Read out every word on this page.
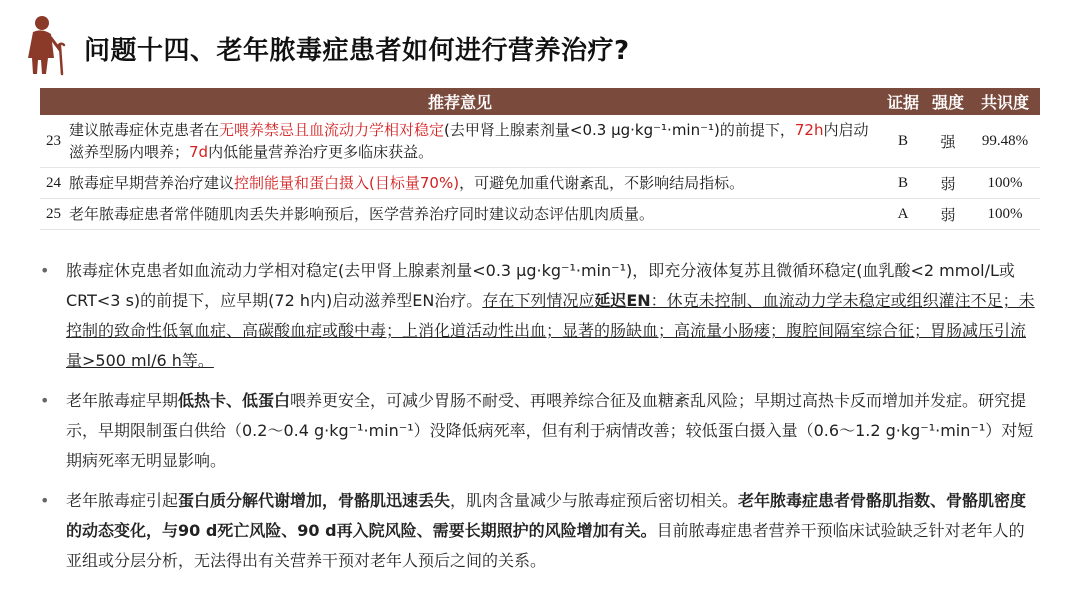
问题十四、老年脓毒症患者如何进行营养治疗?
推荐意见		证据	强度	共识度
23	建议脓毒症休克患者在无喂养禁忌且血流动力学相对稳定(去甲肾上腺素剂量<0.3 μg·kg⁻¹·min⁻¹)的前提下，72h内启动滋养型肠内喂养；7d内低能量营养治疗更多临床获益。	B	强	99.48%
24	脓毒症早期营养治疗建议控制能量和蛋白摄入(目标量70%)，可避免加重代谢紊乱，不影响结局指标。	B	弱	100%
25	老年脓毒症患者常伴随肌肉丢失并影响预后，医学营养治疗同时建议动态评估肌肉质量。	A	弱	100%
• 脓毒症休克患者如血流动力学相对稳定(去甲肾上腺素剂量<0.3 μg·kg⁻¹·min⁻¹)，即充分液体复苏且微循环稳定(血乳酸<2 mmol/L或CRT<3 s)的前提下，应早期(72 h内)启动滋养型EN治疗。存在下列情况应延迟EN：休克未控制、血流动力学未稳定或组织灌注不足；未控制的致命性低氧血症、高碳酸血症或酸中毒；上消化道活动性出血；显著的肠缺血；高流量小肠瘘；腹腔间隔室综合征；胃肠减压引流量>500 ml/6 h等。
• 老年脓毒症早期低热卡、低蛋白喂养更安全，可减少胃肠不耐受、再喂养综合征及血糖紊乱风险；早期过高热卡反而增加并发症。研究提示，早期限制蛋白供给（0.2～0.4 g·kg⁻¹·min⁻¹）没降低病死率，但有利于病情改善；较低蛋白摄入量（0.6～1.2 g·kg⁻¹·min⁻¹）对短期病死率无明显影响。
• 老年脓毒症引起蛋白质分解代谢增加，骨骼肌迅速丢失，肌肉含量减少与脓毒症预后密切相关。老年脓毒症患者骨骼肌指数、骨骼肌密度的动态变化，与90 d死亡风险、90 d再入院风险、需要长期照护的风险增加有关。目前脓毒症患者营养干预临床试验缺乏针对老年人的亚组或分层分析，无法得出有关营养干预对老年人预后之间的关系。
